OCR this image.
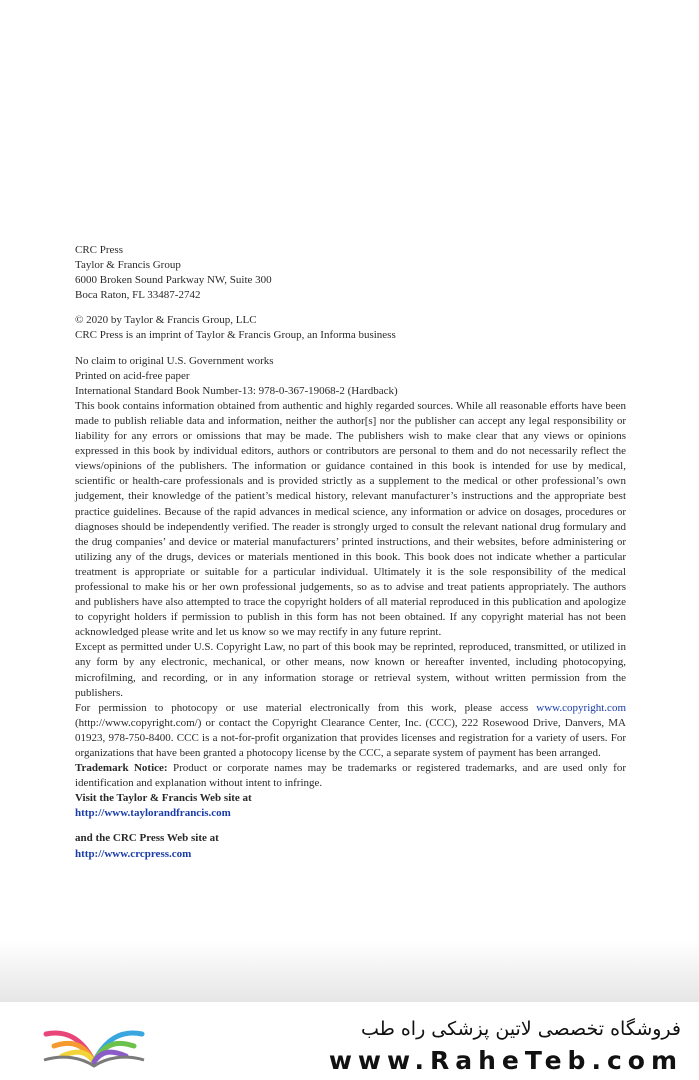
CRC Press

Taylor & Francis Group

6000 Broken Sound Parkway NW, Suite 300

Boca Raton, FL 33487-2742

© 2020 by Taylor & Francis Group, LLC

CRC Press is an imprint of Taylor & Francis Group, an Informa business

No claim to original U.S. Government works

Printed on acid-free paper

International Standard Book Number-13: 978-0-367-19068-2 (Hardback)

This book contains information obtained from authentic and highly regarded sources. While all reasonable efforts have been made to publish reliable data and information, neither the author[s] nor the publisher can accept any legal responsibility or liability for any errors or omissions that may be made. The publishers wish to make clear that any views or opinions expressed in this book by individual editors, authors or contributors are personal to them and do not necessarily reflect the views/opinions of the publishers. The information or guidance contained in this book is intended for use by medical, scientific or health-care professionals and is provided strictly as a supplement to the medical or other professional’s own judgement, their knowledge of the patient’s medical history, relevant manufacturer’s instructions and the appropriate best practice guidelines. Because of the rapid advances in medical science, any information or advice on dosages, procedures or diagnoses should be independently verified. The reader is strongly urged to consult the relevant national drug formulary and the drug companies’ and device or material manufacturers’ printed instructions, and their websites, before administering or utilizing any of the drugs, devices or materials mentioned in this book. This book does not indicate whether a particular treatment is appropriate or suitable for a particular individual. Ultimately it is the sole responsibility of the medical professional to make his or her own professional judgements, so as to advise and treat patients appropriately. The authors and publishers have also attempted to trace the copyright holders of all material reproduced in this publication and apologize to copyright holders if permission to publish in this form has not been obtained. If any copyright material has not been acknowledged please write and let us know so we may rectify in any future reprint.

Except as permitted under U.S. Copyright Law, no part of this book may be reprinted, reproduced, transmitted, or utilized in any form by any electronic, mechanical, or other means, now known or hereafter invented, including photocopying, microfilming, and recording, or in any information storage or retrieval system, without written permission from the publishers.

For permission to photocopy or use material electronically from this work, please access www.copyright.com (http://www.copyright.com/) or contact the Copyright Clearance Center, Inc. (CCC), 222 Rosewood Drive, Danvers, MA 01923, 978-750-8400. CCC is a not-for-profit organization that provides licenses and registration for a variety of users. For organizations that have been granted a photocopy license by the CCC, a separate system of payment has been arranged.

Trademark Notice: Product or corporate names may be trademarks or registered trademarks, and are used only for identification and explanation without intent to infringe.

Visit the Taylor & Francis Web site at

http://www.taylorandfrancis.com

and the CRC Press Web site at

http://www.crcpress.com

فروشگاه تخصصی لاتین پزشکی راه طب
www.RaheTeb.com
